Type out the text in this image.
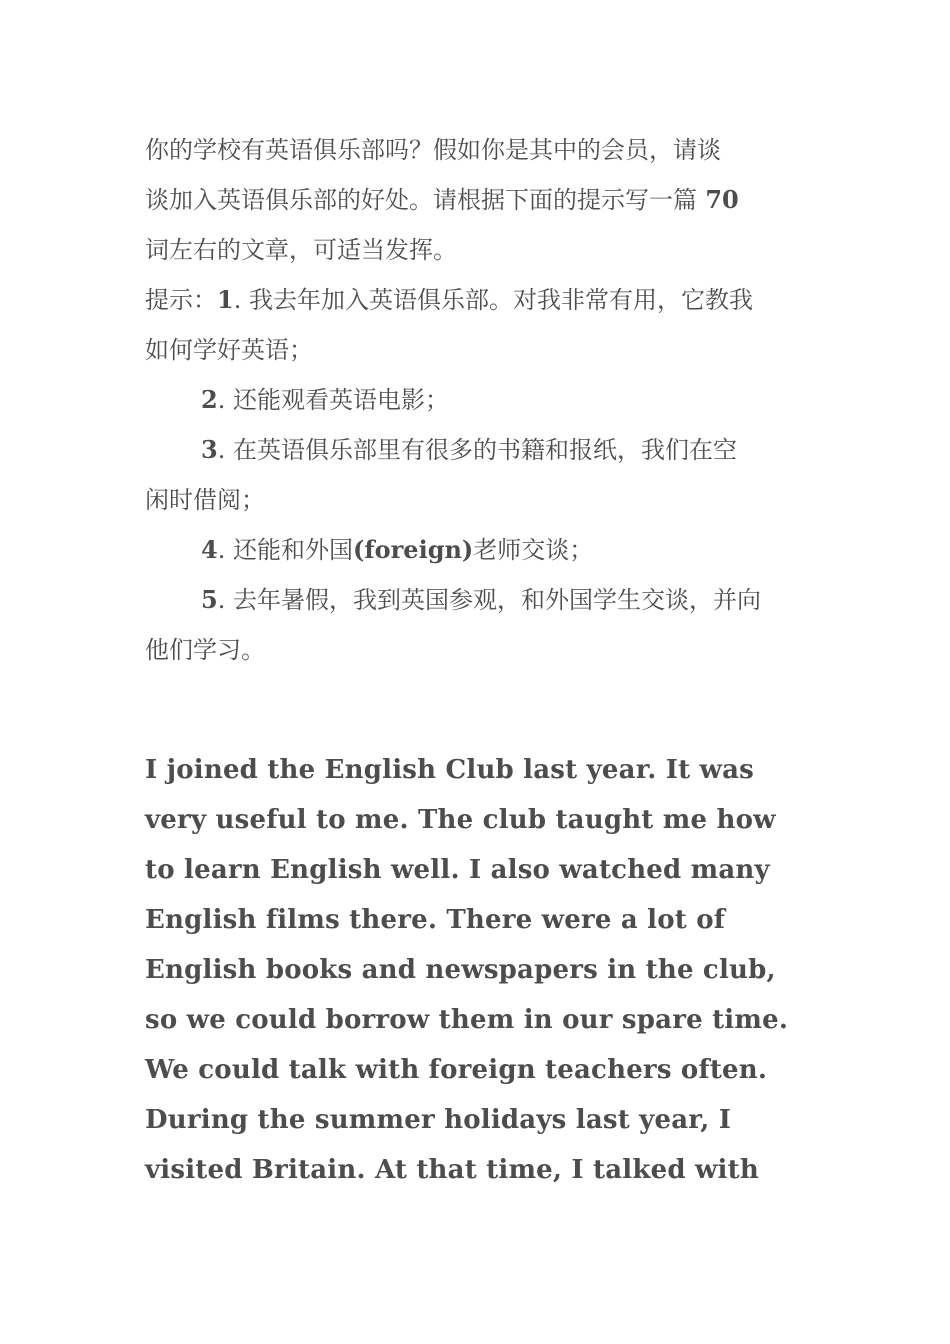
你的学校有英语俱乐部吗？假如你是其中的会员，请谈

谈加入英语俱乐部的好处。请根据下面的提示写一篇 70

词左右的文章，可适当发挥。

提示：1. 我去年加入英语俱乐部。对我非常有用，它教我

如何学好英语；

2. 还能观看英语电影；

3. 在英语俱乐部里有很多的书籍和报纸，我们在空

闲时借阅；

4. 还能和外国(foreign)老师交谈；

5. 去年暑假，我到英国参观，和外国学生交谈，并向

他们学习。

I joined the English Club last year. It was

very useful to me. The club taught me how

to learn English well. I also watched many

English films there. There were a lot of

English books and newspapers in the club,

so we could borrow them in our spare time.

We could talk with foreign teachers often.

During the summer holidays last year, I

visited Britain. At that time, I talked with
